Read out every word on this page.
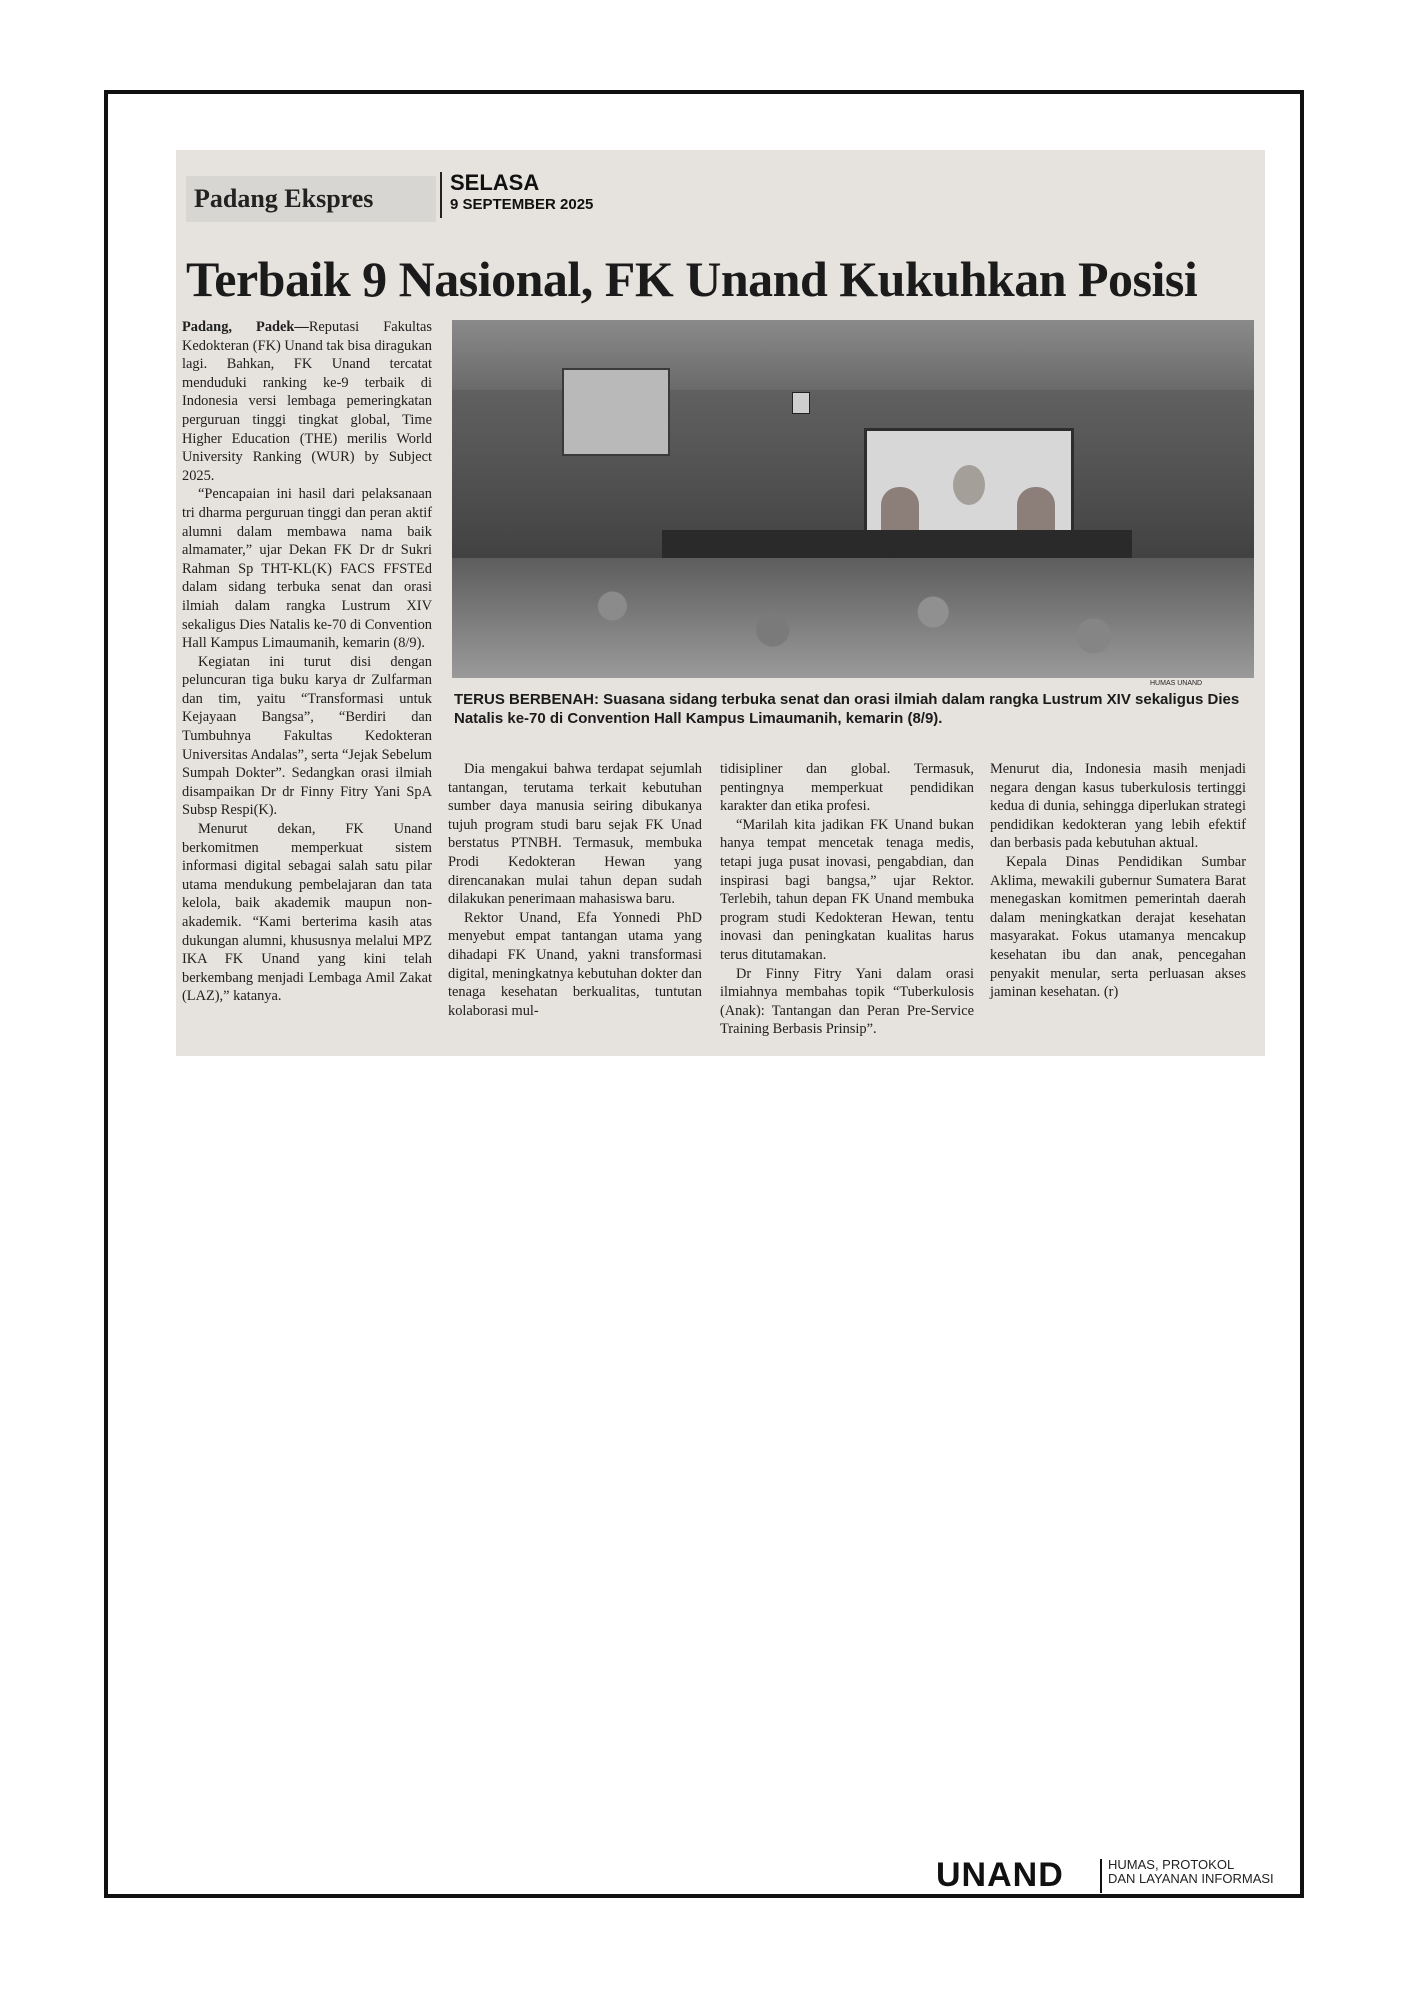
Padang Ekspres
SELASA
9 SEPTEMBER 2025
Terbaik 9 Nasional, FK Unand Kukuhkan Posisi

Padang, Padek—Reputasi Fakultas Kedokteran (FK) Unand tak bisa diragukan lagi. Bahkan, FK Unand tercatat menduduki ranking ke-9 terbaik di Indonesia versi lembaga pemeringkatan perguruan tinggi tingkat global, Time Higher Education (THE) merilis World University Ranking (WUR) by Subject 2025.

“Pencapaian ini hasil dari pelaksanaan tri dharma perguruan tinggi dan peran aktif alumni dalam membawa nama baik almamater,” ujar Dekan FK Dr dr Sukri Rahman Sp THT-KL(K) FACS FFSTEd dalam sidang terbuka senat dan orasi ilmiah dalam rangka Lustrum XIV sekaligus Dies Natalis ke-70 di Convention Hall Kampus Limaumanih, kemarin (8/9).

Kegiatan ini turut disi dengan peluncuran tiga buku karya dr Zulfarman dan tim, yaitu “Transformasi untuk Kejayaan Bangsa”, “Berdiri dan Tumbuhnya Fakultas Kedokteran Universitas Andalas”, serta “Jejak Sebelum Sumpah Dokter”. Sedangkan orasi ilmiah disampaikan Dr dr Finny Fitry Yani SpA Subsp Respi(K).

Menurut dekan, FK Unand berkomitmen memperkuat sistem informasi digital sebagai salah satu pilar utama mendukung pembelajaran dan tata kelola, baik akademik maupun non-akademik. “Kami berterima kasih atas dukungan alumni, khususnya melalui MPZ IKA FK Unand yang kini telah berkembang menjadi Lembaga Amil Zakat (LAZ),” katanya.

HUMAS UNAND
TERUS BERBENAH: Suasana sidang terbuka senat dan orasi ilmiah dalam rangka Lustrum XIV sekaligus Dies Natalis ke-70 di Convention Hall Kampus Limaumanih, kemarin (8/9).

Dia mengakui bahwa terdapat sejumlah tantangan, terutama terkait kebutuhan sumber daya manusia seiring dibukanya tujuh program studi baru sejak FK Unad berstatus PTNBH. Termasuk, membuka Prodi Kedokteran Hewan yang direncanakan mulai tahun depan sudah dilakukan penerimaan mahasiswa baru.

Rektor Unand, Efa Yonnedi PhD menyebut empat tantangan utama yang dihadapi FK Unand, yakni transformasi digital, meningkatnya kebutuhan dokter dan tenaga kesehatan berkualitas, tuntutan kolaborasi mul-

tidisipliner dan global. Termasuk, pentingnya memperkuat pendidikan karakter dan etika profesi.

“Marilah kita jadikan FK Unand bukan hanya tempat mencetak tenaga medis, tetapi juga pusat inovasi, pengabdian, dan inspirasi bagi bangsa,” ujar Rektor. Terlebih, tahun depan FK Unand membuka program studi Kedokteran Hewan, tentu inovasi dan peningkatan kualitas harus terus ditutamakan.

Dr Finny Fitry Yani dalam orasi ilmiahnya membahas topik “Tuberkulosis (Anak): Tantangan dan Peran Pre-Service Training Berbasis Prinsip”.

Menurut dia, Indonesia masih menjadi negara dengan kasus tuberkulosis tertinggi kedua di dunia, sehingga diperlukan strategi pendidikan kedokteran yang lebih efektif dan berbasis pada kebutuhan aktual.

Kepala Dinas Pendidikan Sumbar Aklima, mewakili gubernur Sumatera Barat menegaskan komitmen pemerintah daerah dalam meningkatkan derajat kesehatan masyarakat. Fokus utamanya mencakup kesehatan ibu dan anak, pencegahan penyakit menular, serta perluasan akses jaminan kesehatan. (r)

UNAND	HUMAS, PROTOKOL
DAN LAYANAN INFORMASI
